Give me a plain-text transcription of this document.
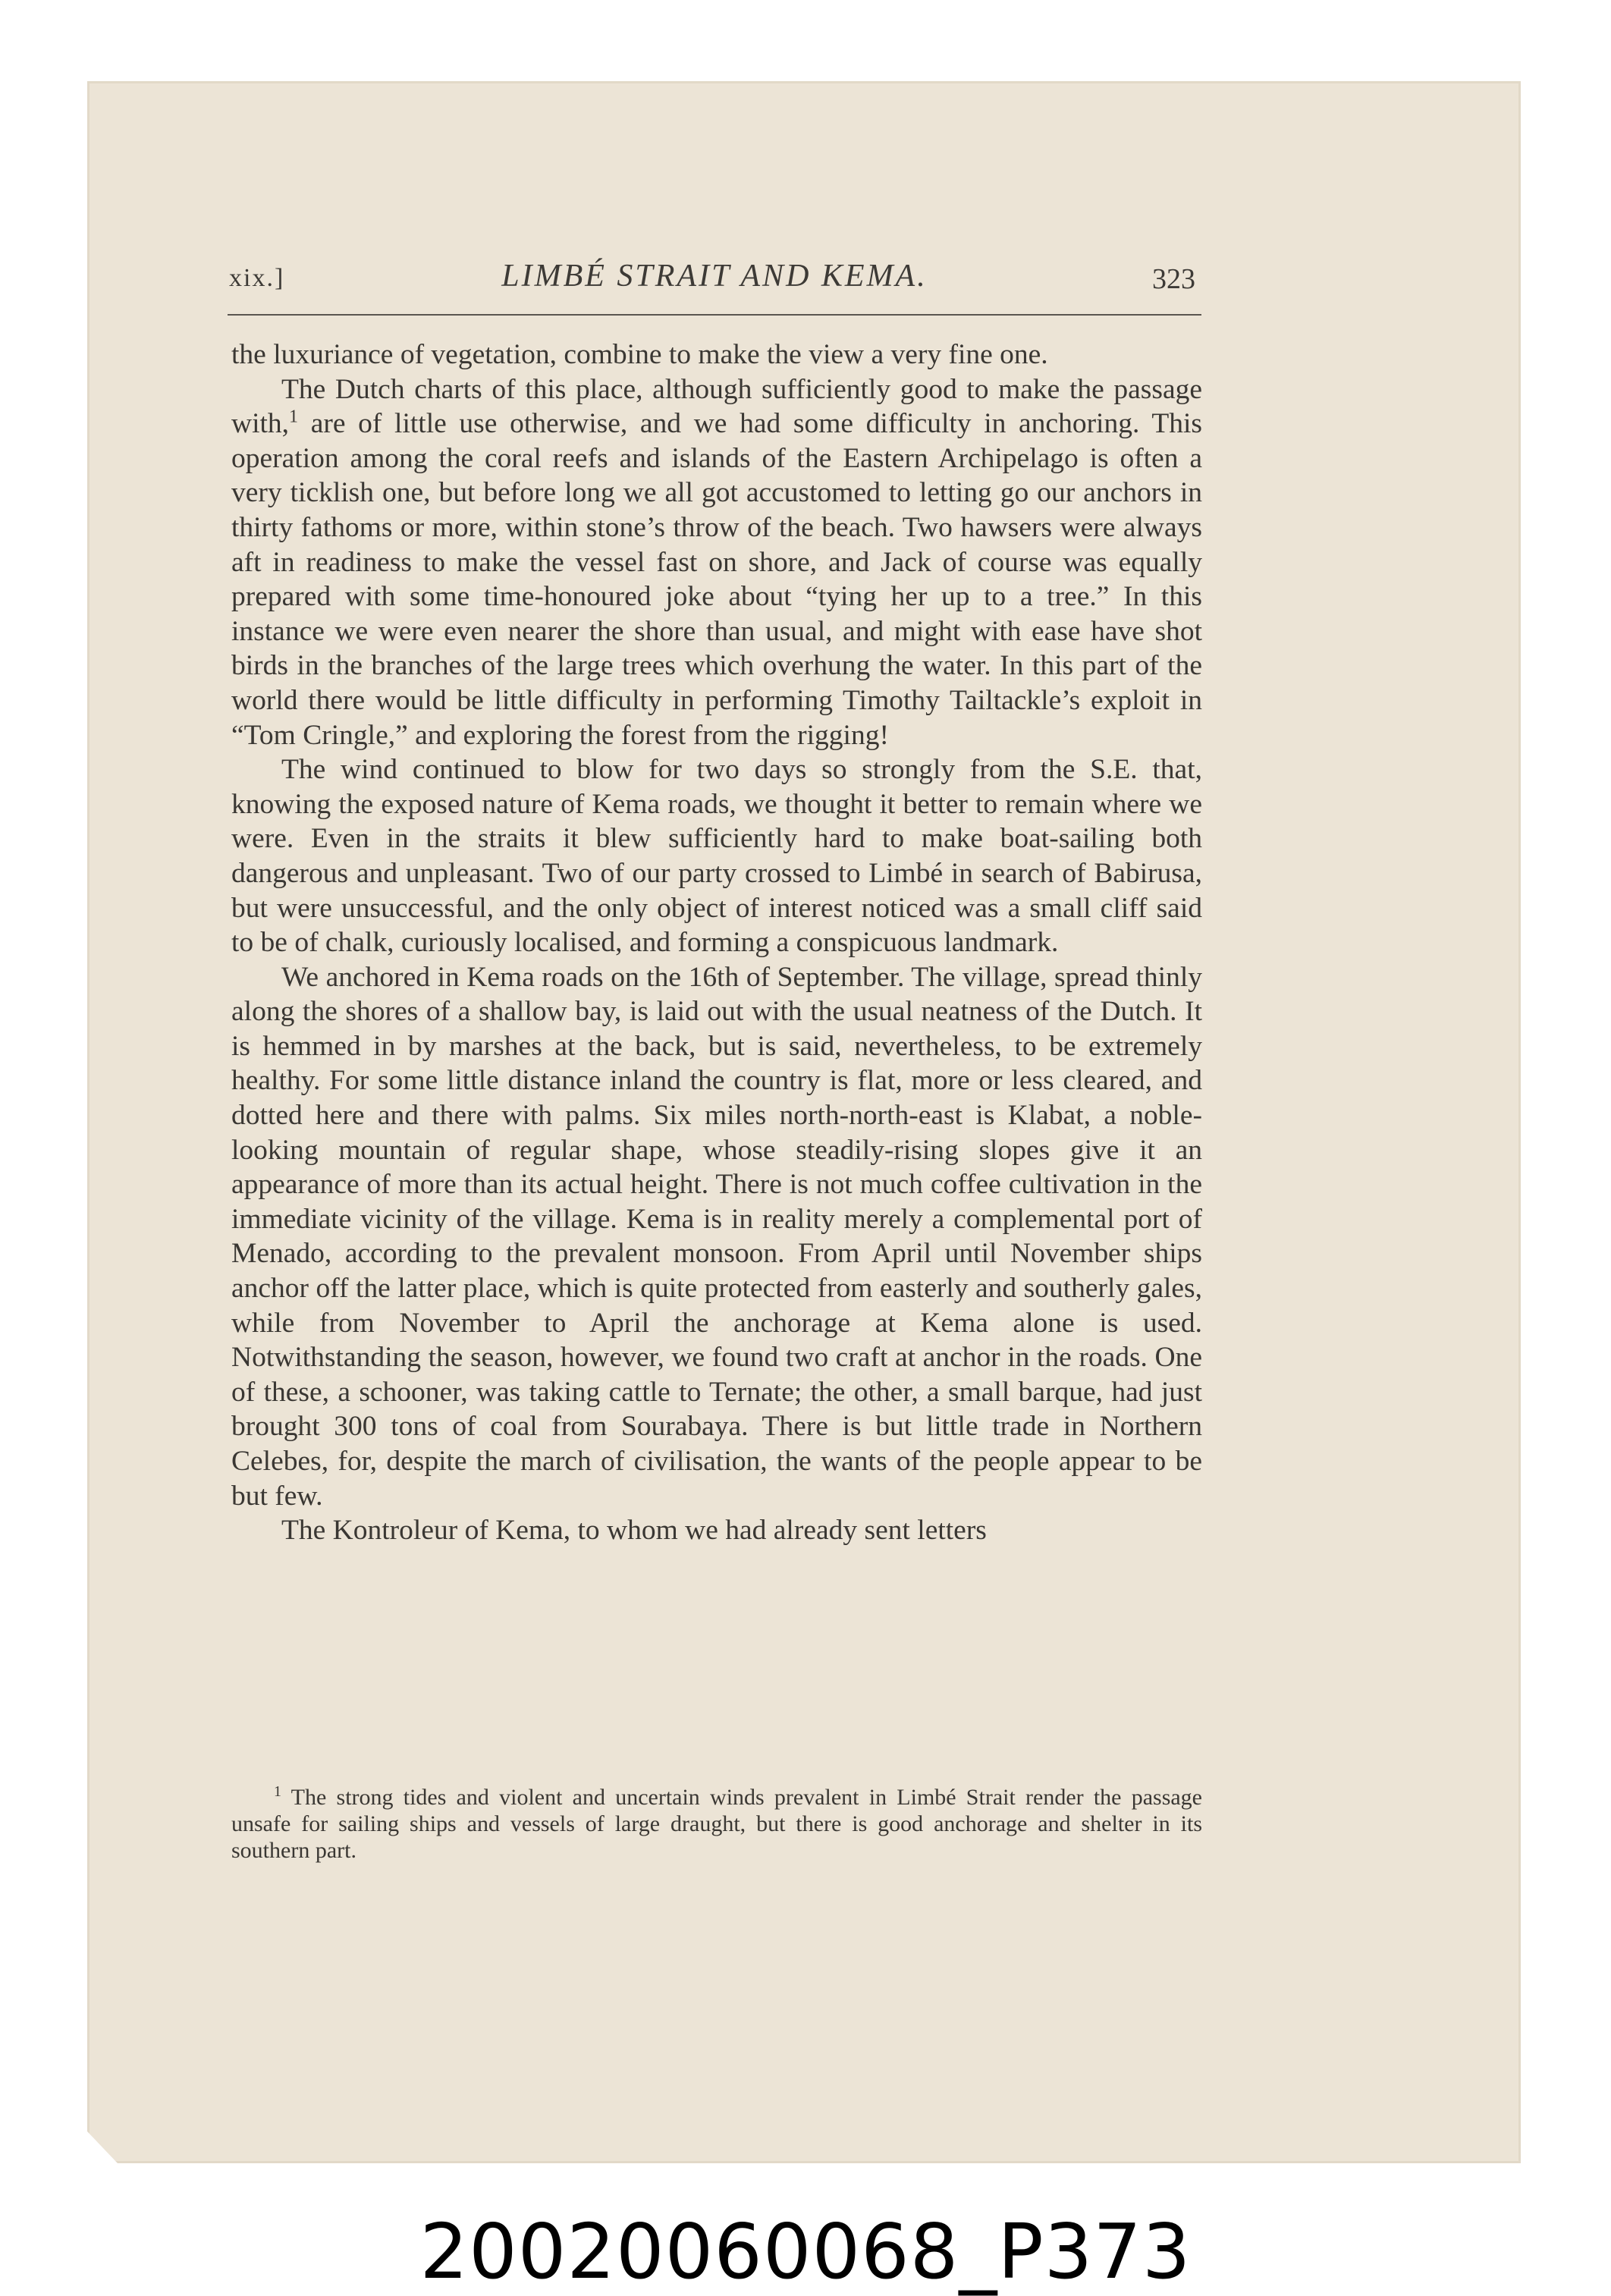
xix.]	LIMBÉ STRAIT AND KEMA.	323

the luxuriance of vegetation, combine to make the view a very fine one.

The Dutch charts of this place, although sufficiently good to make the passage with,$^1$ are of little use otherwise, and we had some difficulty in anchoring. This operation among the coral reefs and islands of the Eastern Archipelago is often a very ticklish one, but before long we all got accustomed to letting go our anchors in thirty fathoms or more, within stone’s throw of the beach. Two hawsers were always aft in readiness to make the vessel fast on shore, and Jack of course was equally prepared with some time-honoured joke about “tying her up to a tree.” In this instance we were even nearer the shore than usual, and might with ease have shot birds in the branches of the large trees which overhung the water. In this part of the world there would be little difficulty in performing Timothy Tailtackle’s exploit in “Tom Cringle,” and exploring the forest from the rigging!

The wind continued to blow for two days so strongly from the S.E. that, knowing the exposed nature of Kema roads, we thought it better to remain where we were. Even in the straits it blew sufficiently hard to make boat-sailing both dangerous and unpleasant. Two of our party crossed to Limbé in search of Babirusa, but were unsuccessful, and the only object of interest noticed was a small cliff said to be of chalk, curiously localised, and forming a conspicuous landmark.

We anchored in Kema roads on the 16th of September. The village, spread thinly along the shores of a shallow bay, is laid out with the usual neatness of the Dutch. It is hemmed in by marshes at the back, but is said, nevertheless, to be extremely healthy. For some little distance inland the country is flat, more or less cleared, and dotted here and there with palms. Six miles north-north-east is Klabat, a noble-looking mountain of regular shape, whose steadily-rising slopes give it an appearance of more than its actual height. There is not much coffee cultivation in the immediate vicinity of the village. Kema is in reality merely a complemental port of Menado, according to the prevalent monsoon. From April until November ships anchor off the latter place, which is quite protected from easterly and southerly gales, while from November to April the anchorage at Kema alone is used. Notwithstanding the season, however, we found two craft at anchor in the roads. One of these, a schooner, was taking cattle to Ternate; the other, a small barque, had just brought 300 tons of coal from Sourabaya. There is but little trade in Northern Celebes, for, despite the march of civilisation, the wants of the people appear to be but few.

The Kontroleur of Kema, to whom we had already sent letters

$^1$ The strong tides and violent and uncertain winds prevalent in Limbé Strait render the passage unsafe for sailing ships and vessels of large draught, but there is good anchorage and shelter in its southern part.

20020060068_P373
